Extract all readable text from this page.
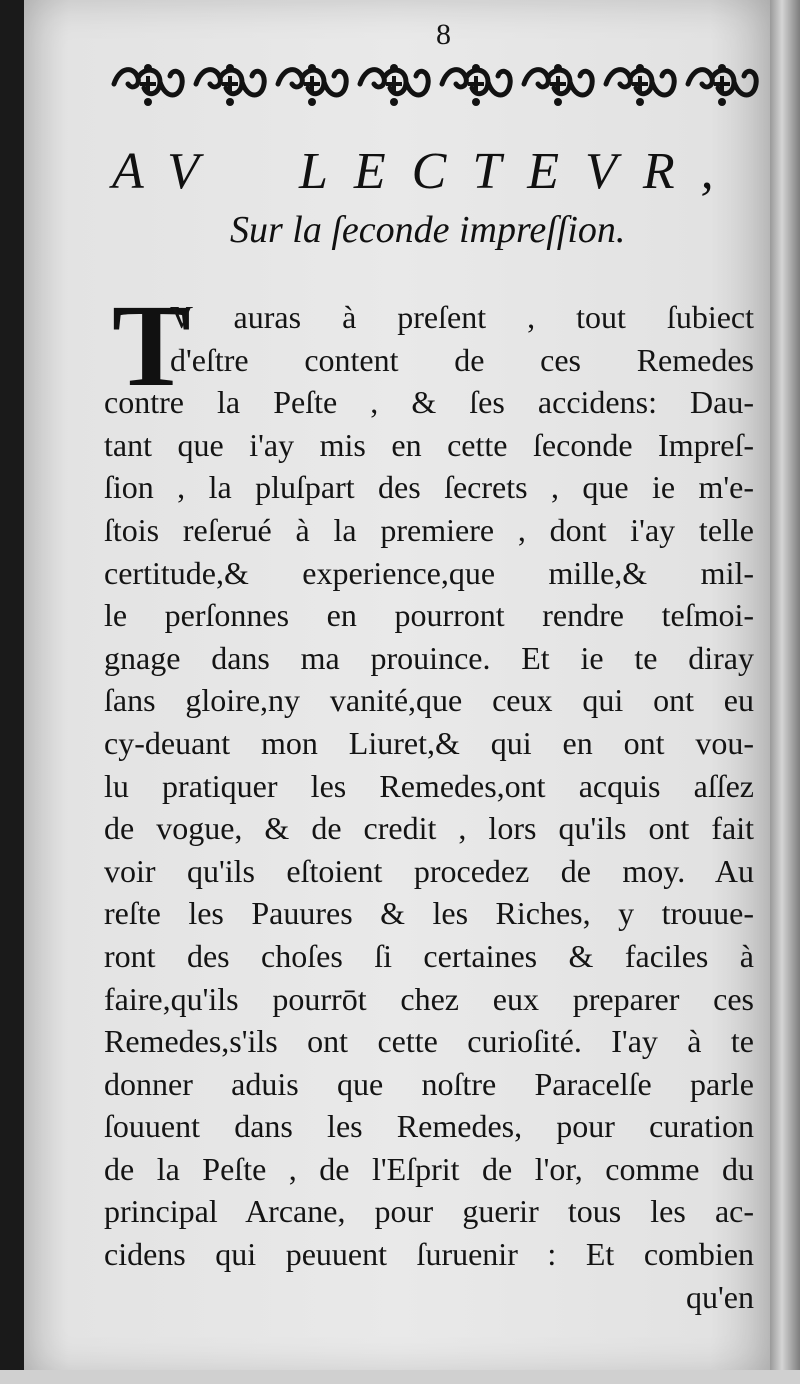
8
AV LECTEVR,
Sur la ſeconde impreſſion.
T
V auras à preſent , tout ſubiect
d'eſtre content de ces Remedes
contre la Peſte , & ſes accidens: Dau-
tant que i'ay mis en cette ſeconde Impreſ-
ſion , la pluſpart des ſecrets , que ie m'e-
ſtois reſerué à la premiere , dont i'ay telle
certitude,& experience,que mille,& mil-
le perſonnes en pourront rendre teſmoi-
gnage dans ma prouince. Et ie te diray
ſans gloire,ny vanité,que ceux qui ont eu
cy-deuant mon Liuret,& qui en ont vou-
lu pratiquer les Remedes,ont acquis aſſez
de vogue, & de credit , lors qu'ils ont fait
voir qu'ils eſtoient procedez de moy. Au
reſte les Pauures & les Riches, y trouue-
ront des choſes ſi certaines & faciles à
faire,qu'ils pourrōt chez eux preparer ces
Remedes,s'ils ont cette curioſité. I'ay à te
donner aduis que noſtre Paracelſe parle
ſouuent dans les Remedes, pour curation
de la Peſte , de l'Eſprit de l'or, comme du
principal Arcane, pour guerir tous les ac-
cidens qui peuuent ſuruenir : Et combien
qu'en
